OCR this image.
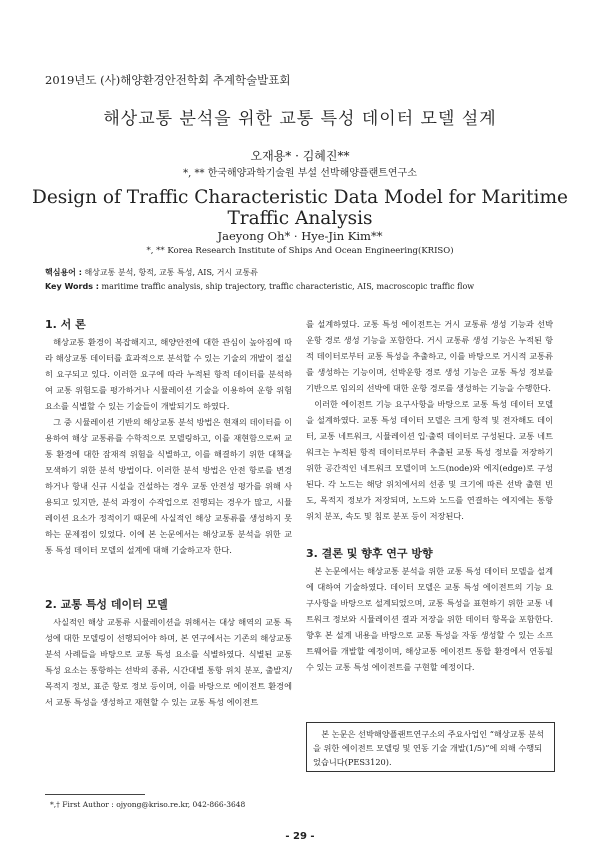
2019년도 (사)해양환경안전학회 추계학술발표회
해상교통 분석을 위한 교통 특성 데이터 모델 설계
오재용* · 김혜진**
*, ** 한국해양과학기술원 부설 선박해양플랜트연구소
Design of Traffic Characteristic Data Model for Maritime Traffic Analysis
Jaeyong Oh* · Hye-Jin Kim**
*, ** Korea Research Institute of Ships And Ocean Engineering(KRISO)
핵심용어 : 해상교통 분석, 항적, 교통 특성, AIS, 거시 교통류
Key Words : maritime traffic analysis, ship trajectory, traffic characteristic, AIS, macroscopic traffic flow
1. 서 론

해상교통 환경이 복잡해지고, 해양안전에 대한 관심이 높아짐에 따라 해상교통 데이터를 효과적으로 분석할 수 있는 기술의 개발이 절실히 요구되고 있다. 이러한 요구에 따라 누적된 항적 데이터를 분석하여 교통 위험도를 평가하거나 시뮬레이션 기술을 이용하여 운항 위험 요소를 식별할 수 있는 기술들이 개발되기도 하였다.

그 중 시뮬레이션 기반의 해상교통 분석 방법은 현재의 데이터를 이용하여 해상 교통류를 수학적으로 모델링하고, 이를 재현함으로써 교통 환경에 대한 잠재적 위험을 식별하고, 이를 해결하기 위한 대책을 모색하기 위한 분석 방법이다. 이러한 분석 방법은 안전 항로를 변경하거나 항내 신규 시설을 건설하는 경우 교통 안전성 평가를 위해 사용되고 있지만, 분석 과정이 수작업으로 진행되는 경우가 많고, 시뮬레이션 요소가 정적이기 때문에 사실적인 해상 교통류를 생성하지 못하는 문제점이 있었다. 이에 본 논문에서는 해상교통 분석을 위한 교통 특성 데이터 모델의 설계에 대해 기술하고자 한다.

2. 교통 특성 데이터 모델

사실적인 해상 교통류 시뮬레이션을 위해서는 대상 해역의 교통 특성에 대한 모델링이 선행되어야 하며, 본 연구에서는 기존의 해상교통 분석 사례들을 바탕으로 교통 특성 요소를 식별하였다. 식별된 교통 특성 요소는 통항하는 선박의 종류, 시간대별 통항 위치 분포, 출발지/목적지 정보, 표준 항로 정보 등이며, 이를 바탕으로 에이전트 환경에서 교통 특성을 생성하고 재현할 수 있는 교통 특성 에이전트

를 설계하였다. 교통 특성 에이전트는 거시 교통류 생성 기능과 선박운항 경로 생성 기능을 포함한다. 거시 교통류 생성 기능은 누적된 항적 데이터로부터 교통 특성을 추출하고, 이를 바탕으로 거시적 교통류를 생성하는 기능이며, 선박운항 경로 생성 기능은 교통 특성 정보를 기반으로 임의의 선박에 대한 운항 경로를 생성하는 기능을 수행한다.

이러한 에이전트 기능 요구사항을 바탕으로 교통 특성 데이터 모델을 설계하였다. 교통 특성 데이터 모델은 크게 항적 및 전자해도 데이터, 교통 네트워크, 시뮬레이션 입·출력 데이터로 구성된다. 교통 네트워크는 누적된 항적 데이터로부터 추출된 교통 특성 정보를 저장하기 위한 공간적인 네트워크 모델이며 노드(node)와 에지(edge)로 구성된다. 각 노드는 해당 위치에서의 선종 및 크기에 따른 선박 출현 빈도, 목적지 정보가 저장되며, 노드와 노드를 연결하는 에지에는 통항 위치 분포, 속도 및 침로 분포 등이 저장된다.

3. 결론 및 향후 연구 방향

본 논문에서는 해상교통 분석을 위한 교통 특성 데이터 모델을 설계에 대하여 기술하였다. 데이터 모델은 교통 특성 에이전트의 기능 요구사항을 바탕으로 설계되었으며, 교통 특성을 표현하기 위한 교통 네트워크 정보와 시뮬레이션 결과 저장을 위한 데이터 항목을 포함한다. 향후 본 설계 내용을 바탕으로 교통 특성을 자동 생성할 수 있는 소프트웨어를 개발할 예정이며, 해상교통 에이전트 통합 환경에서 연동될 수 있는 교통 특성 에이전트를 구현할 예정이다.

본 논문은 선박해양플랜트연구소의 주요사업인 “해상교통 분석을 위한 에이전트 모델링 및 연동 기술 개발(1/5)”에 의해 수행되었습니다(PES3120).

*,† First Author : ojyong@kriso.re.kr, 042-866-3648
- 29 -
